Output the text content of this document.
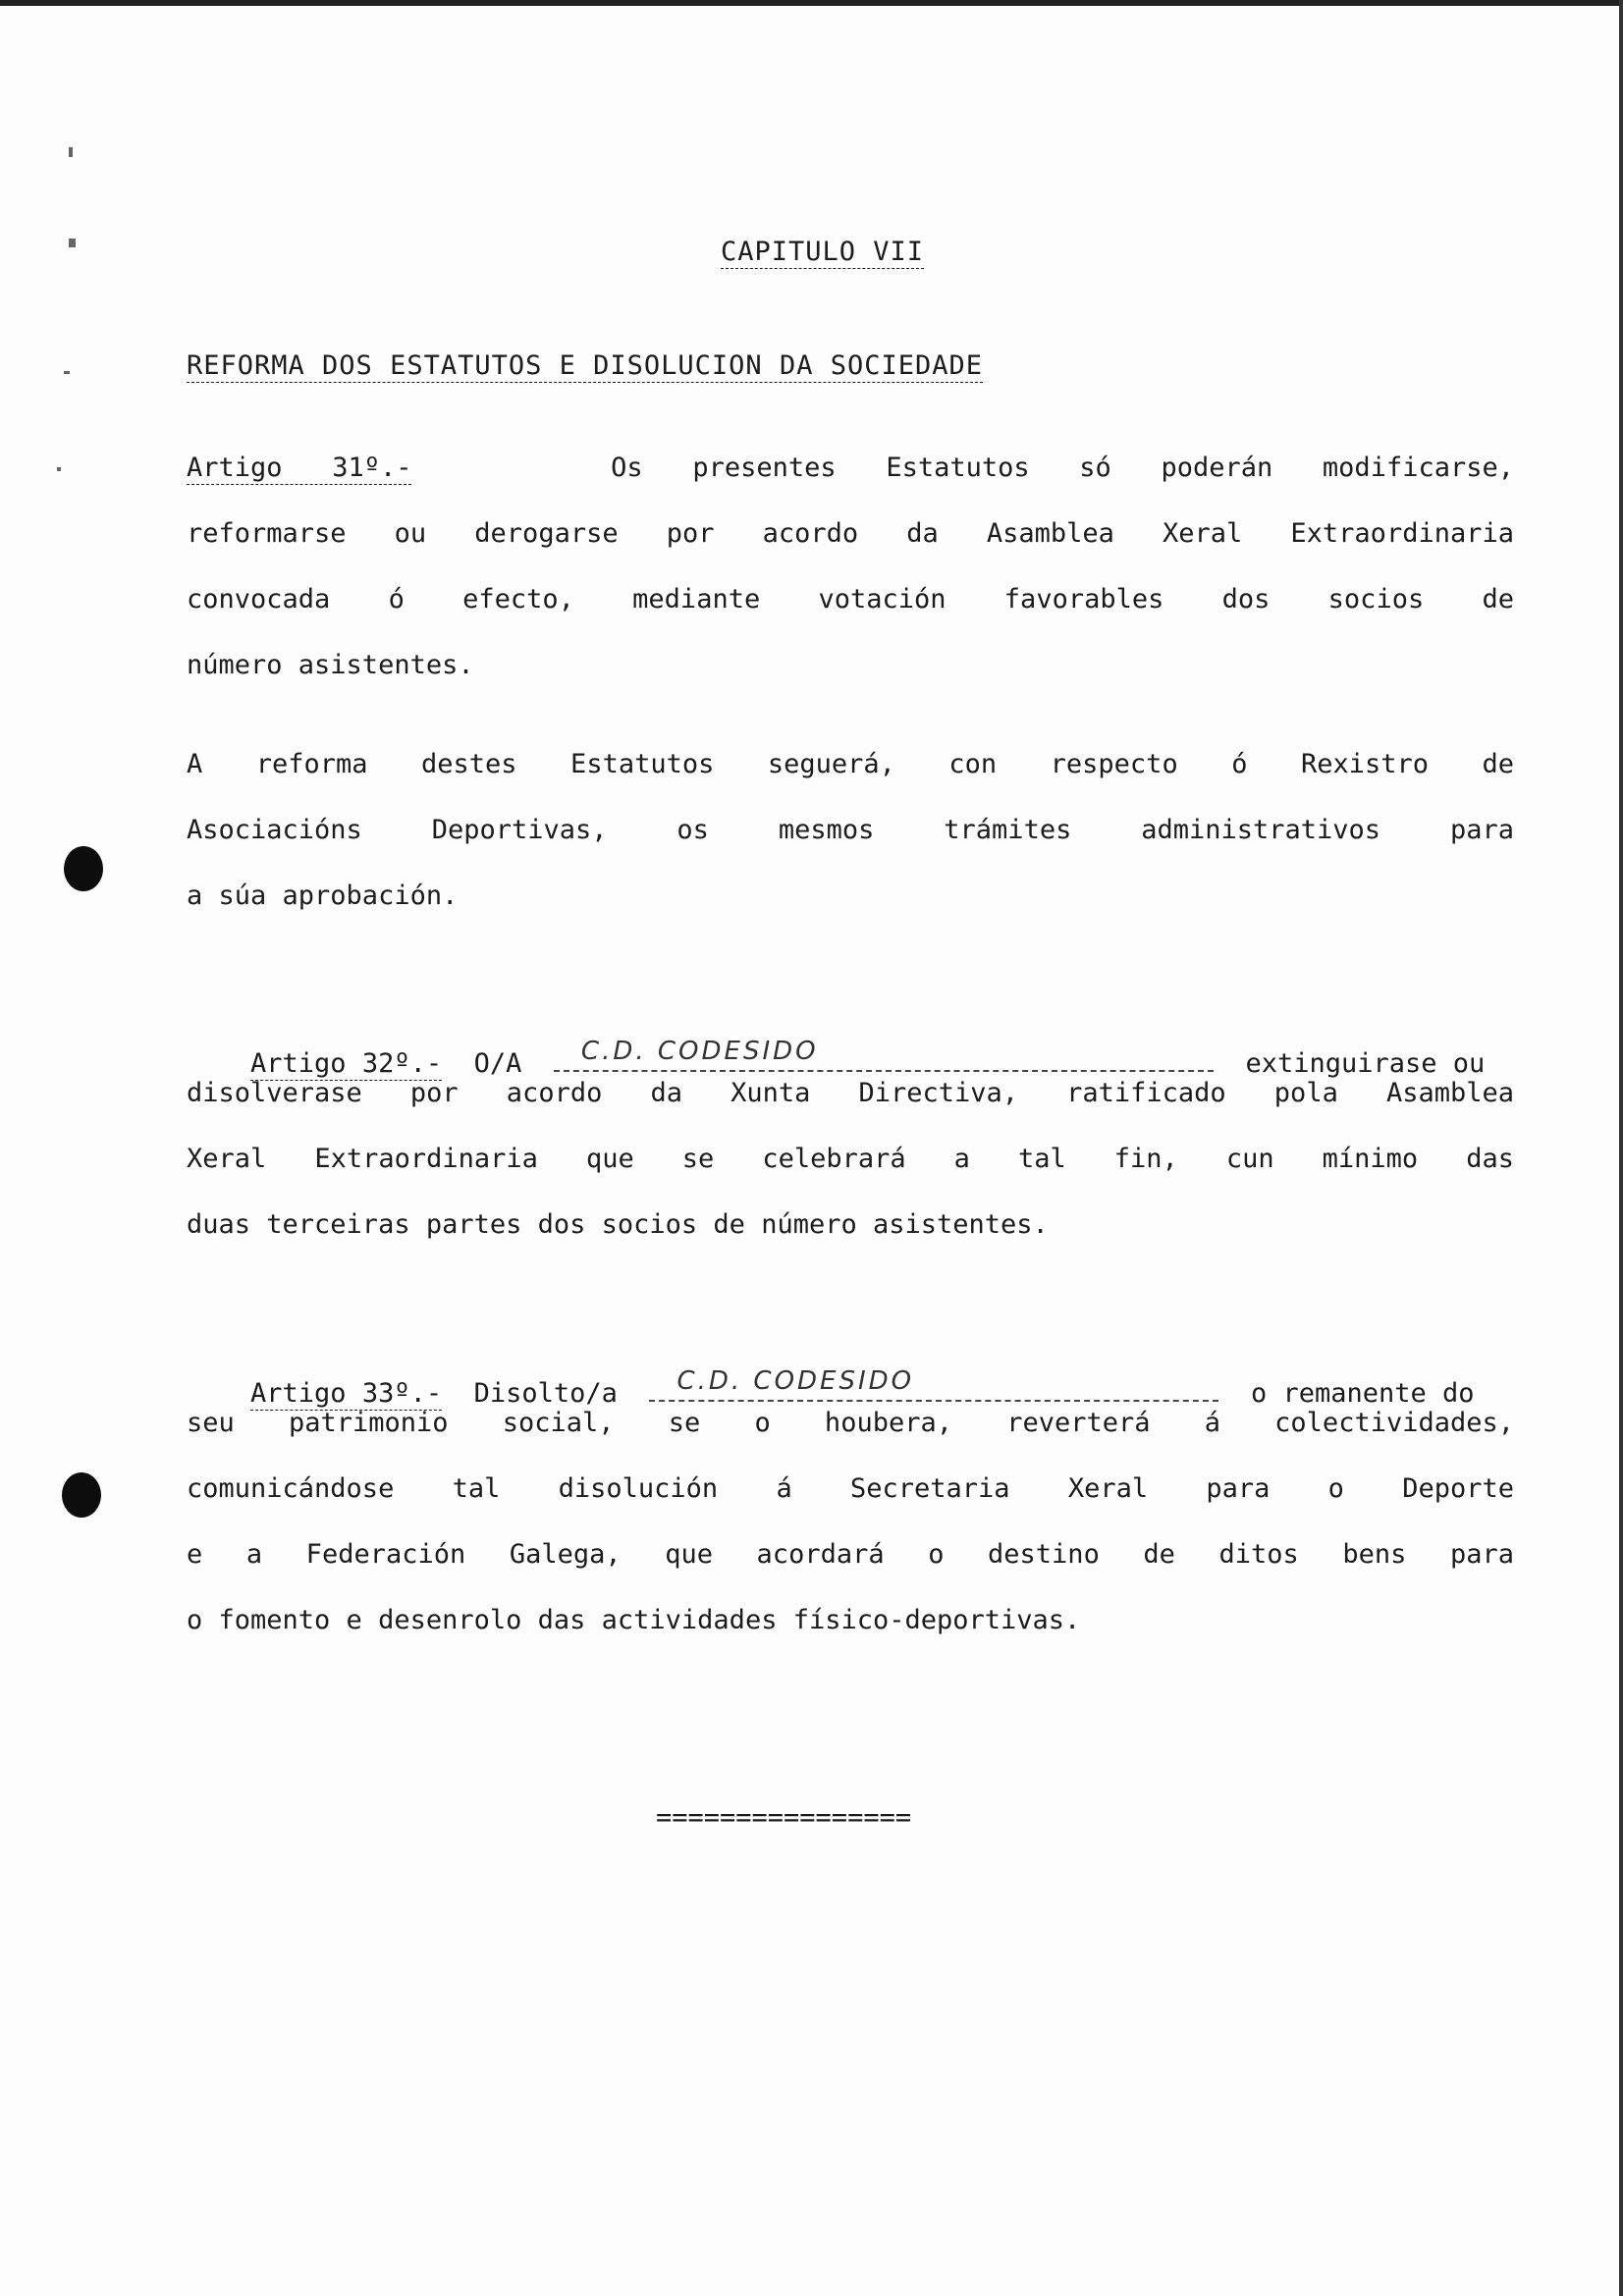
CAPITULO VII
REFORMA DOS ESTATUTOS E DISOLUCION DA SOCIEDADE
Artigo 31º.-	Os presentes Estatutos só poderán modificarse,
reformarse ou derogarse por acordo da Asamblea Xeral Extraordinaria
convocada ó efecto, mediante votación favorables dos socios de
número asistentes.
A reforma destes Estatutos seguerá, con respecto ó Rexistro de
Asociacións Deportivas, os mesmos trámites administrativos para
a súa aprobación.

Artigo 32º.- O/A C.D. CODESIDO	extinguirase ou

disolverase por acordo da Xunta Directiva, ratificado pola Asamblea
Xeral Extraordinaria que se celebrará a tal fin, cun mínimo das
duas terceiras partes dos socios de número asistentes.

Artigo 33º.- Disolto/a C.D. CODESIDO	o remanente do

seu patrimonio social, se o houbera, reverterá á colectividades,
comunicándose tal disolución á Secretaria Xeral para o Deporte
e a Federación Galega, que acordará o destino de ditos bens para
o fomento e desenrolo das actividades físico-deportivas.
================
